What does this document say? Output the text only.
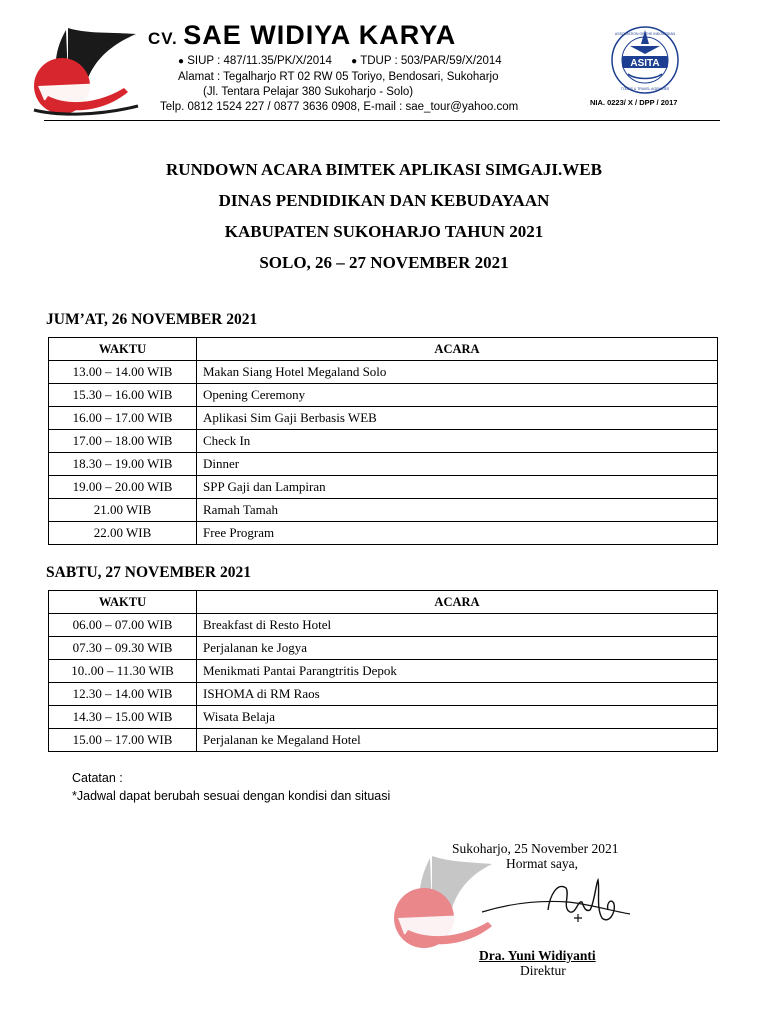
CV. SAE WIDIYA KARYA
● SIUP : 487/11.35/PK/X/2014 ● TDUP : 503/PAR/59/X/2014
Alamat : Tegalharjo RT 02 RW 05 Toriyo, Bendosari, Sukoharjo
(Jl. Tentara Pelajar 380 Sukoharjo - Solo)
Telp. 0812 1524 227 / 0877 3636 0908, E-mail : sae_tour@yahoo.com
ASITA
ASSOCIATION OF THE INDONESIAN
TOURS & TRAVEL AGENCIES
NIA. 0223/ X / DPP / 2017
RUNDOWN ACARA BIMTEK APLIKASI SIMGAJI.WEB
DINAS PENDIDIKAN DAN KEBUDAYAAN
KABUPATEN SUKOHARJO TAHUN 2021
SOLO, 26 – 27 NOVEMBER 2021
JUM’AT, 26 NOVEMBER 2021
WAKTU	ACARA
13.00 – 14.00 WIB	Makan Siang Hotel Megaland Solo
15.30 – 16.00 WIB	Opening Ceremony
16.00 – 17.00 WIB	Aplikasi Sim Gaji Berbasis WEB
17.00 – 18.00 WIB	Check In
18.30 – 19.00 WIB	Dinner
19.00 – 20.00 WIB	SPP Gaji dan Lampiran
21.00 WIB	Ramah Tamah
22.00 WIB	Free Program
SABTU, 27 NOVEMBER 2021
WAKTU	ACARA
06.00 – 07.00 WIB	Breakfast di Resto Hotel
07.30 – 09.30 WIB	Perjalanan ke Jogya
10..00 – 11.30 WIB	Menikmati Pantai Parangtritis Depok
12.30 – 14.00 WIB	ISHOMA di RM Raos
14.30 – 15.00 WIB	Wisata Belaja
15.00 – 17.00 WIB	Perjalanan ke Megaland Hotel
Catatan :
*Jadwal dapat berubah sesuai dengan kondisi dan situasi
Sukoharjo, 25 November 2021
Hormat saya,
Dra. Yuni Widiyanti
Direktur
